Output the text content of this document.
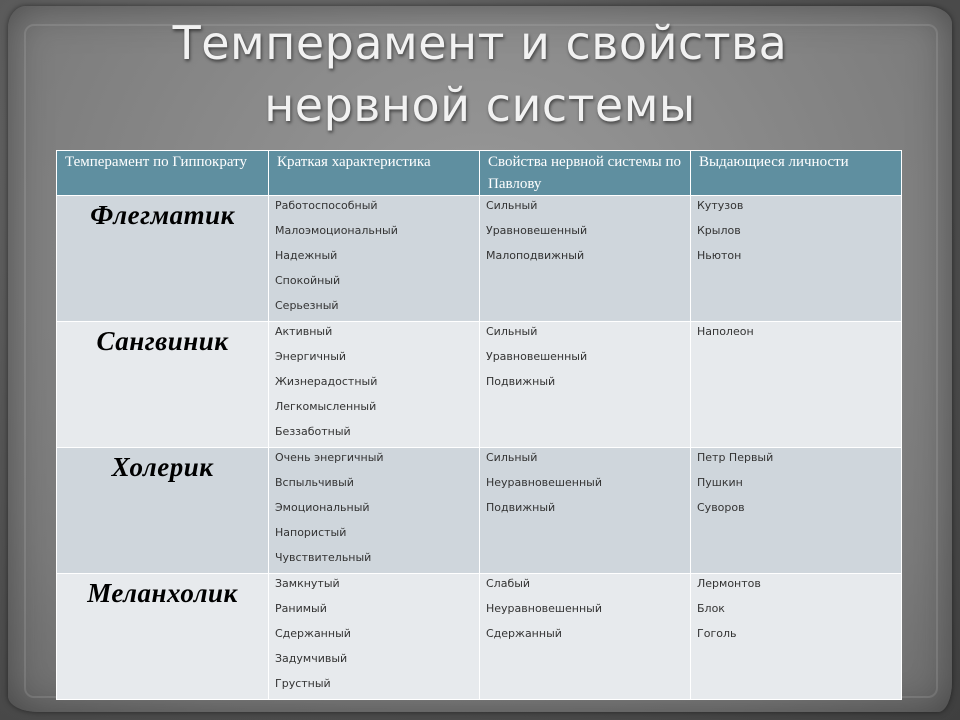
Темперамент и свойства
нервной системы
Темперамент по Гиппократу	Краткая характеристика	Свойства нервной системы по Павлову	Выдающиеся личности

Флегматик	Работоспособный
Малоэмоциональный
Надежный
Спокойный
Серьезный	Сильный
Уравновешенный
Малоподвижный	Кутузов
Крылов
Ньютон

Сангвиник	Активный
Энергичный
Жизнерадостный
Легкомысленный
Беззаботный	Сильный
Уравновешенный
Подвижный	Наполеон

Холерик	Очень энергичный
Вспыльчивый
Эмоциональный
Напористый
Чувствительный	Сильный
Неуравновешенный
Подвижный	Петр Первый
Пушкин
Суворов

Меланхолик	Замкнутый
Ранимый
Сдержанный
Задумчивый
Грустный	Слабый
Неуравновешенный
Сдержанный	Лермонтов
Блок
Гоголь
